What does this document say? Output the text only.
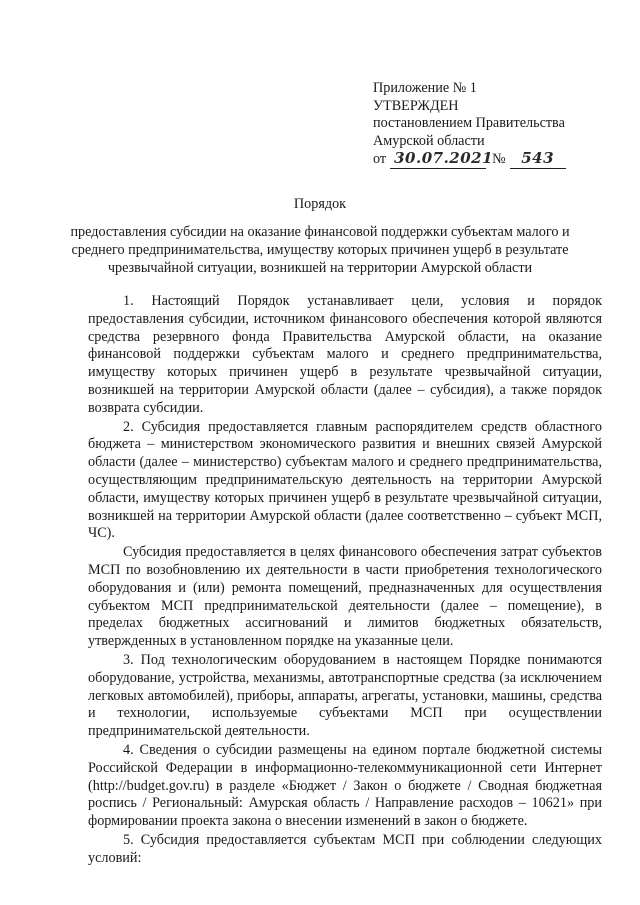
Приложение № 1
УТВЕРЖДЕН
постановлением Правительства
Амурской области
от 30.07.2021 №	543
Порядок
предоставления субсидии на оказание финансовой поддержки субъектам малого и среднего предпринимательства, имуществу которых причинен ущерб в результате чрезвычайной ситуации, возникшей на территории Амурской области

1. Настоящий Порядок устанавливает цели, условия и порядок предоставления субсидии, источником финансового обеспечения которой являются средства резервного фонда Правительства Амурской области, на оказание финансовой поддержки субъектам малого и среднего предпринимательства, имуществу которых причинен ущерб в результате чрезвычайной ситуации, возникшей на территории Амурской области (далее – субсидия), а также порядок возврата субсидии.

2. Субсидия предоставляется главным распорядителем средств областного бюджета – министерством экономического развития и внешних связей Амурской области (далее – министерство) субъектам малого и среднего предпринимательства, осуществляющим предпринимательскую деятельность на территории Амурской области, имуществу которых причинен ущерб в результате чрезвычайной ситуации, возникшей на территории Амурской области (далее соответственно – субъект МСП, ЧС).

Субсидия предоставляется в целях финансового обеспечения затрат субъектов МСП по возобновлению их деятельности в части приобретения технологического оборудования и (или) ремонта помещений, предназначенных для осуществления субъектом МСП предпринимательской деятельности (далее – помещение), в пределах бюджетных ассигнований и лимитов бюджетных обязательств, утвержденных в установленном порядке на указанные цели.

3. Под технологическим оборудованием в настоящем Порядке понимаются оборудование, устройства, механизмы, автотранспортные средства (за исключением легковых автомобилей), приборы, аппараты, агрегаты, установки, машины, средства и технологии, используемые субъектами МСП при осуществлении предпринимательской деятельности.

4. Сведения о субсидии размещены на едином портале бюджетной системы Российской Федерации в информационно-телекоммуникационной сети Интернет (http://budget.gov.ru) в разделе «Бюджет / Закон о бюджете / Сводная бюджетная роспись / Региональный: Амурская область / Направление расходов – 10621» при формировании проекта закона о внесении изменений в закон о бюджете.

5. Субсидия предоставляется субъектам МСП при соблюдении следующих условий:
